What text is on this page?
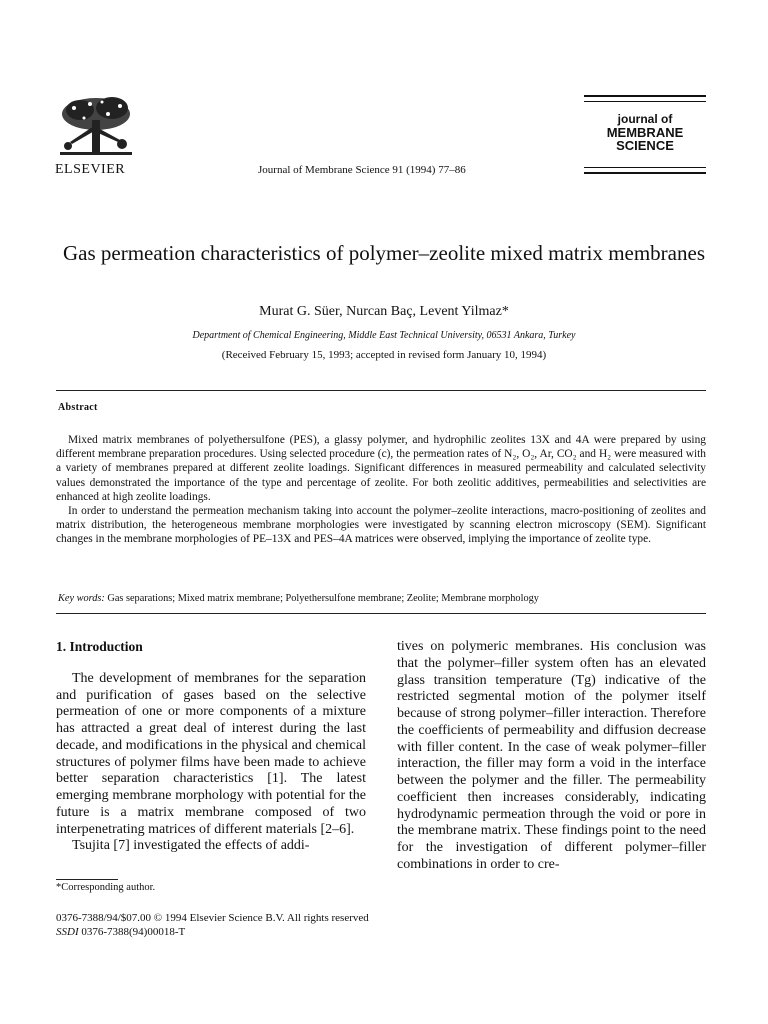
ELSEVIER	Journal of Membrane Science 91 (1994) 77–86
journal of
MEMBRANE
SCIENCE
Gas permeation characteristics of polymer–zeolite mixed matrix membranes
Murat G. Süer, Nurcan Baç, Levent Yilmaz*
Department of Chemical Engineering, Middle East Technical University, 06531 Ankara, Turkey
(Received February 15, 1993; accepted in revised form January 10, 1994)
Abstract

Mixed matrix membranes of polyethersulfone (PES), a glassy polymer, and hydrophilic zeolites 13X and 4A were prepared by using different membrane preparation procedures. Using selected procedure (c), the permeation rates of N₂, O₂, Ar, CO₂ and H₂ were measured with a variety of membranes prepared at different zeolite loadings. Significant differences in measured permeability and calculated selectivity values demonstrated the importance of the type and percentage of zeolite. For both zeolitic additives, permeabilities and selectivities are enhanced at high zeolite loadings.

In order to understand the permeation mechanism taking into account the polymer–zeolite interactions, macro-positioning of zeolites and matrix distribution, the heterogeneous membrane morphologies were investigated by scanning electron microscopy (SEM). Significant changes in the membrane morphologies of PE–13X and PES–4A matrices were observed, implying the importance of zeolite type.

Key words: Gas separations; Mixed matrix membrane; Polyethersulfone membrane; Zeolite; Membrane morphology

1. Introduction

The development of membranes for the separation and purification of gases based on the selective permeation of one or more components of a mixture has attracted a great deal of interest during the last decade, and modifications in the physical and chemical structures of polymer films have been made to achieve better separation characteristics [1]. The latest emerging membrane morphology with potential for the future is a matrix membrane composed of two interpenetrating matrices of different materials [2–6].

Tsujita [7] investigated the effects of addi-

tives on polymeric membranes. His conclusion was that the polymer–filler system often has an elevated glass transition temperature (Tg) indicative of the restricted segmental motion of the polymer itself because of strong polymer–filler interaction. Therefore the coefficients of permeability and diffusion decrease with filler content. In the case of weak polymer–filler interaction, the filler may form a void in the interface between the polymer and the filler. The permeability coefficient then increases considerably, indicating hydrodynamic permeation through the void or pore in the membrane matrix. These findings point to the need for the investigation of different polymer–filler combinations in order to cre-

*Corresponding author.
0376-7388/94/$07.00 © 1994 Elsevier Science B.V. All rights reserved
SSDI 0376-7388(94)00018-T
